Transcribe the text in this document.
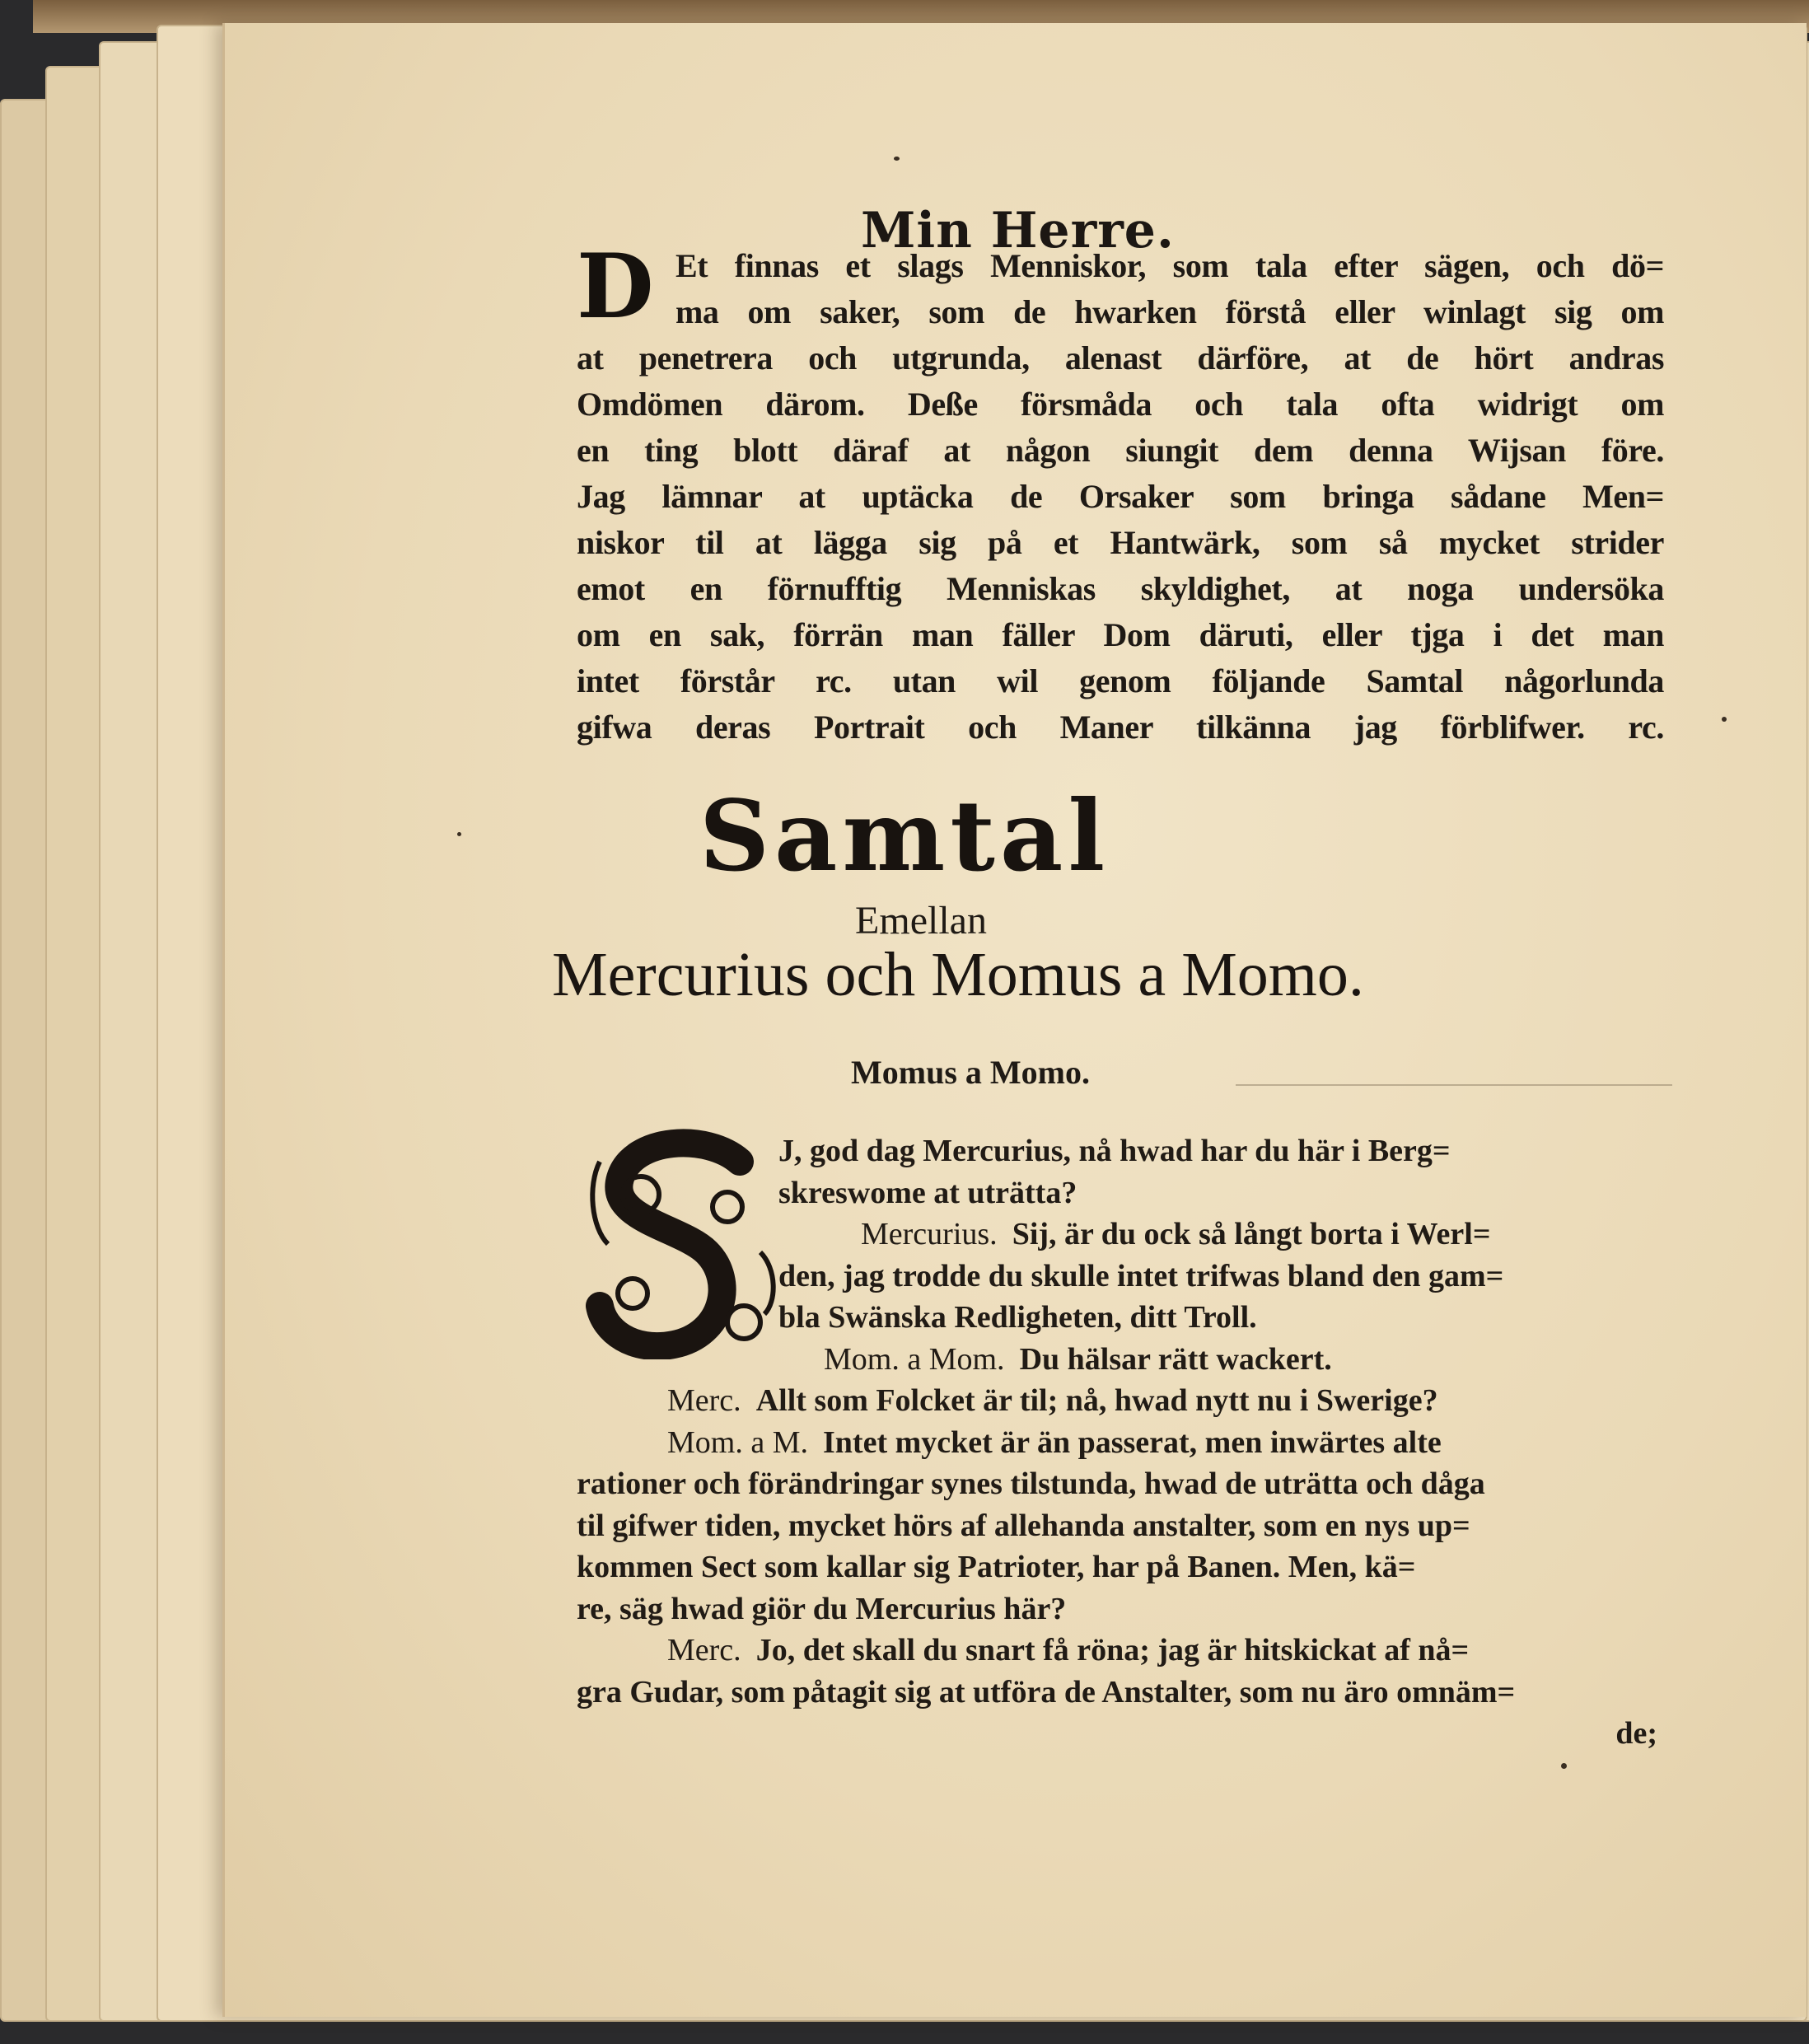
Min Herre.
D Et finnas et slags Menniskor, som tala efter sägen, och dö=
ma om saker, som de hwarken förstå eller winlagt sig om
at penetrera och utgrunda, alenast därföre, at de hört andras
Omdömen därom. Deße försmåda och tala ofta widrigt om
en ting blott däraf at någon siungit dem denna Wijsan före.
Jag lämnar at uptäcka de Orsaker som bringa sådane Men=
niskor til at lägga sig på et Hantwärk, som så mycket strider
emot en förnufftig Menniskas skyldighet, at noga undersöka
om en sak, förrän man fäller Dom däruti, eller tjga i det man
intet förstår rc. utan wil genom följande Samtal någorlunda
gifwa deras Portrait och Maner tilkänna jag förblifwer. rc.
Samtal
Emellan
Mercurius och Momus a Momo.
Momus a Momo.
J, god dag Mercurius, nå hwad har du här i Berg=
skreswome at uträtta?
Mercurius. Sij, är du ock så långt borta i Werl=
den, jag trodde du skulle intet trifwas bland den gam=
bla Swänska Redligheten, ditt Troll.
Mom. a Mom. Du hälsar rätt wackert.
Merc. Allt som Folcket är til; nå, hwad nytt nu i Swerige?
Mom. a M. Intet mycket är än passerat, men inwärtes alte
rationer och förändringar synes tilstunda, hwad de uträtta och dåga
til gifwer tiden, mycket hörs af allehanda anstalter, som en nys up=
kommen Sect som kallar sig Patrioter, har på Banen. Men, kä=
re, säg hwad giör du Mercurius här?
Merc. Jo, det skall du snart få röna; jag är hitskickat af nå=
gra Gudar, som påtagit sig at utföra de Anstalter, som nu äro omnäm=
de;
